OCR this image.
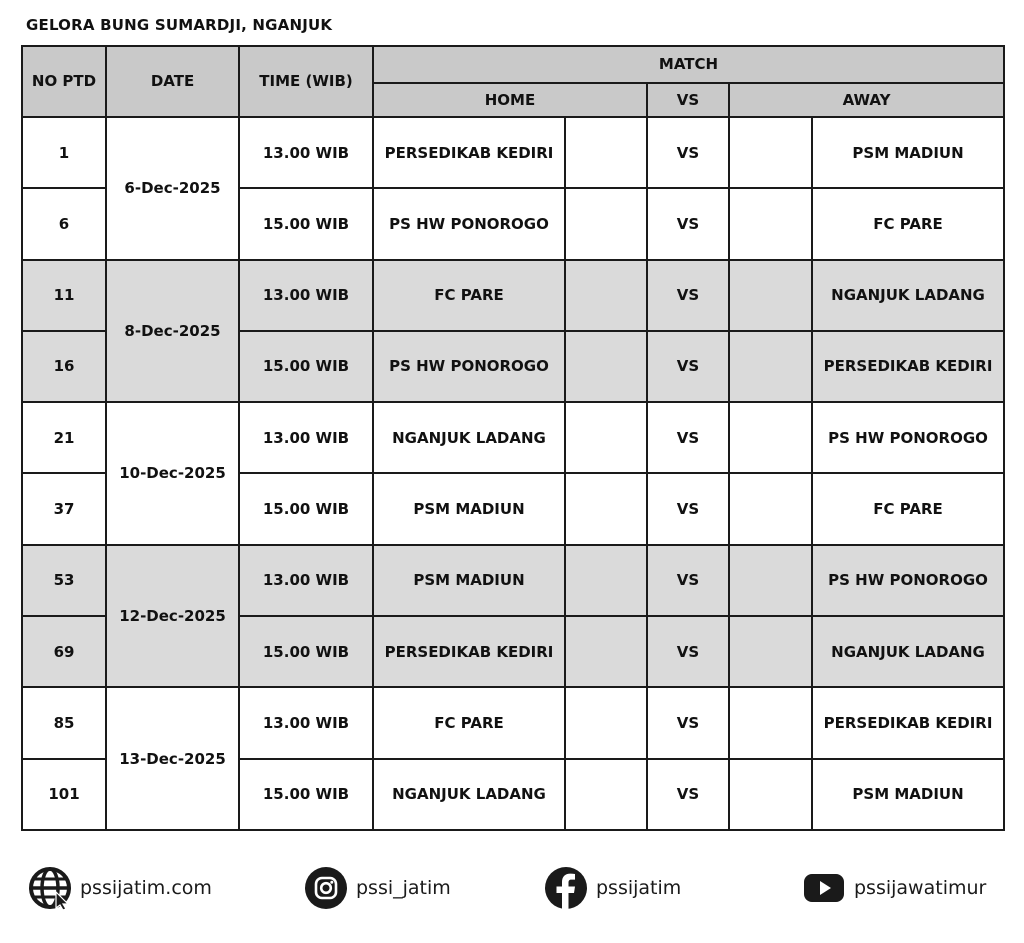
GELORA BUNG SUMARDJI, NGANJUK
NO PTD	DATE	TIME (WIB)	MATCH				
			HOME		VS	AWAY	
1	6-Dec-2025	13.00 WIB	PERSEDIKAB KEDIRI		VS		PSM MADIUN
6		15.00 WIB	PS HW PONOROGO		VS		FC PARE
11	8-Dec-2025	13.00 WIB	FC PARE		VS		NGANJUK LADANG
16		15.00 WIB	PS HW PONOROGO		VS		PERSEDIKAB KEDIRI
21	10-Dec-2025	13.00 WIB	NGANJUK LADANG		VS		PS HW PONOROGO
37		15.00 WIB	PSM MADIUN		VS		FC PARE
53	12-Dec-2025	13.00 WIB	PSM MADIUN		VS		PS HW PONOROGO
69		15.00 WIB	PERSEDIKAB KEDIRI		VS		NGANJUK LADANG
85	13-Dec-2025	13.00 WIB	FC PARE		VS		PERSEDIKAB KEDIRI
101		15.00 WIB	NGANJUK LADANG		VS		PSM MADIUN
pssijatim.com	pssi_jatim	pssijatim	pssijawatimur
